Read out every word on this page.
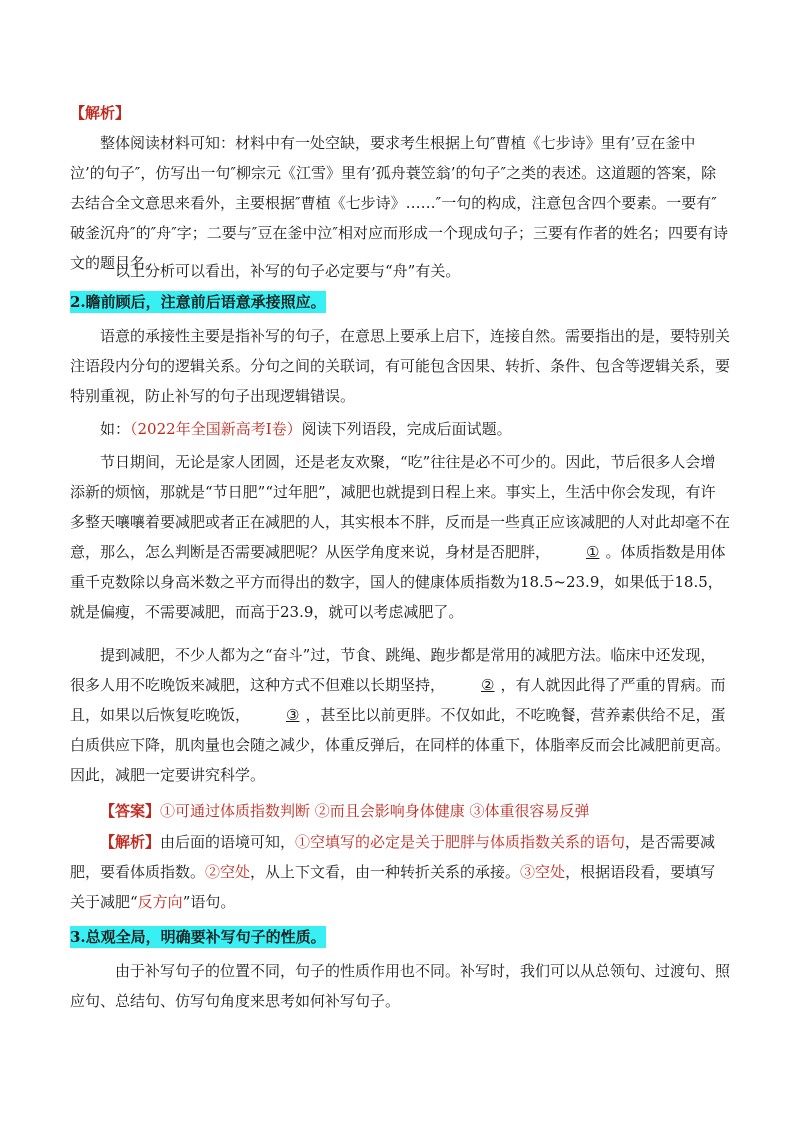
【解析】

整体阅读材料可知：材料中有一处空缺，要求考生根据上句″曹植《七步诗》里有’豆在釜中泣’的句子″，仿写出一句″柳宗元《江雪》里有’孤舟蓑笠翁’的句子″之类的表述。这道题的答案，除去结合全文意思来看外，主要根据″曹植《七步诗》……″一句的构成，注意包含四个要素。一要有″破釜沉舟″的″舟″字；二要与″豆在釜中泣″相对应而形成一个现成句子；三要有作者的姓名；四要有诗文的题目名。

以上分析可以看出，补写的句子必定要与“舟”有关。

2.瞻前顾后，注意前后语意承接照应。

语意的承接性主要是指补写的句子，在意思上要承上启下，连接自然。需要指出的是，要特别关注语段内分句的逻辑关系。分句之间的关联词，有可能包含因果、转折、条件、包含等逻辑关系，要特别重视，防止补写的句子出现逻辑错误。

如：（2022年全国新高考Ⅰ卷）阅读下列语段，完成后面试题。

节日期间，无论是家人团圆，还是老友欢聚，“吃”往往是必不可少的。因此，节后很多人会增添新的烦恼，那就是“节日肥”“过年肥”，减肥也就提到日程上来。事实上，生活中你会发现，有许多整天嚷嚷着要减肥或者正在减肥的人，其实根本不胖，反而是一些真正应该减肥的人对此却毫不在意，那么，怎么判断是否需要减肥呢？从医学角度来说，身材是否肥胖， ① 。体质指数是用体重千克数除以身高米数之平方而得出的数字，国人的健康体质指数为18.5~23.9，如果低于18.5，就是偏瘦，不需要减肥，而高于23.9，就可以考虑减肥了。

提到减肥，不少人都为之“奋斗”过，节食、跳绳、跑步都是常用的减肥方法。临床中还发现，很多人用不吃晚饭来减肥，这种方式不但难以长期坚持， ② ，有人就因此得了严重的胃病。而且，如果以后恢复吃晚饭， ③ ，甚至比以前更胖。不仅如此，不吃晚餐，营养素供给不足，蛋白质供应下降，肌肉量也会随之减少，体重反弹后，在同样的体重下，体脂率反而会比减肥前更高。因此，减肥一定要讲究科学。

【答案】①可通过体质指数判断 ②而且会影响身体健康 ③体重很容易反弹

【解析】由后面的语境可知，①空填写的必定是关于肥胖与体质指数关系的语句，是否需要减肥，要看体质指数。②空处，从上下文看，由一种转折关系的承接。③空处，根据语段看，要填写关于减肥“反方向”语句。

3.总观全局，明确要补写句子的性质。

由于补写句子的位置不同，句子的性质作用也不同。补写时，我们可以从总领句、过渡句、照应句、总结句、仿写句角度来思考如何补写句子。
